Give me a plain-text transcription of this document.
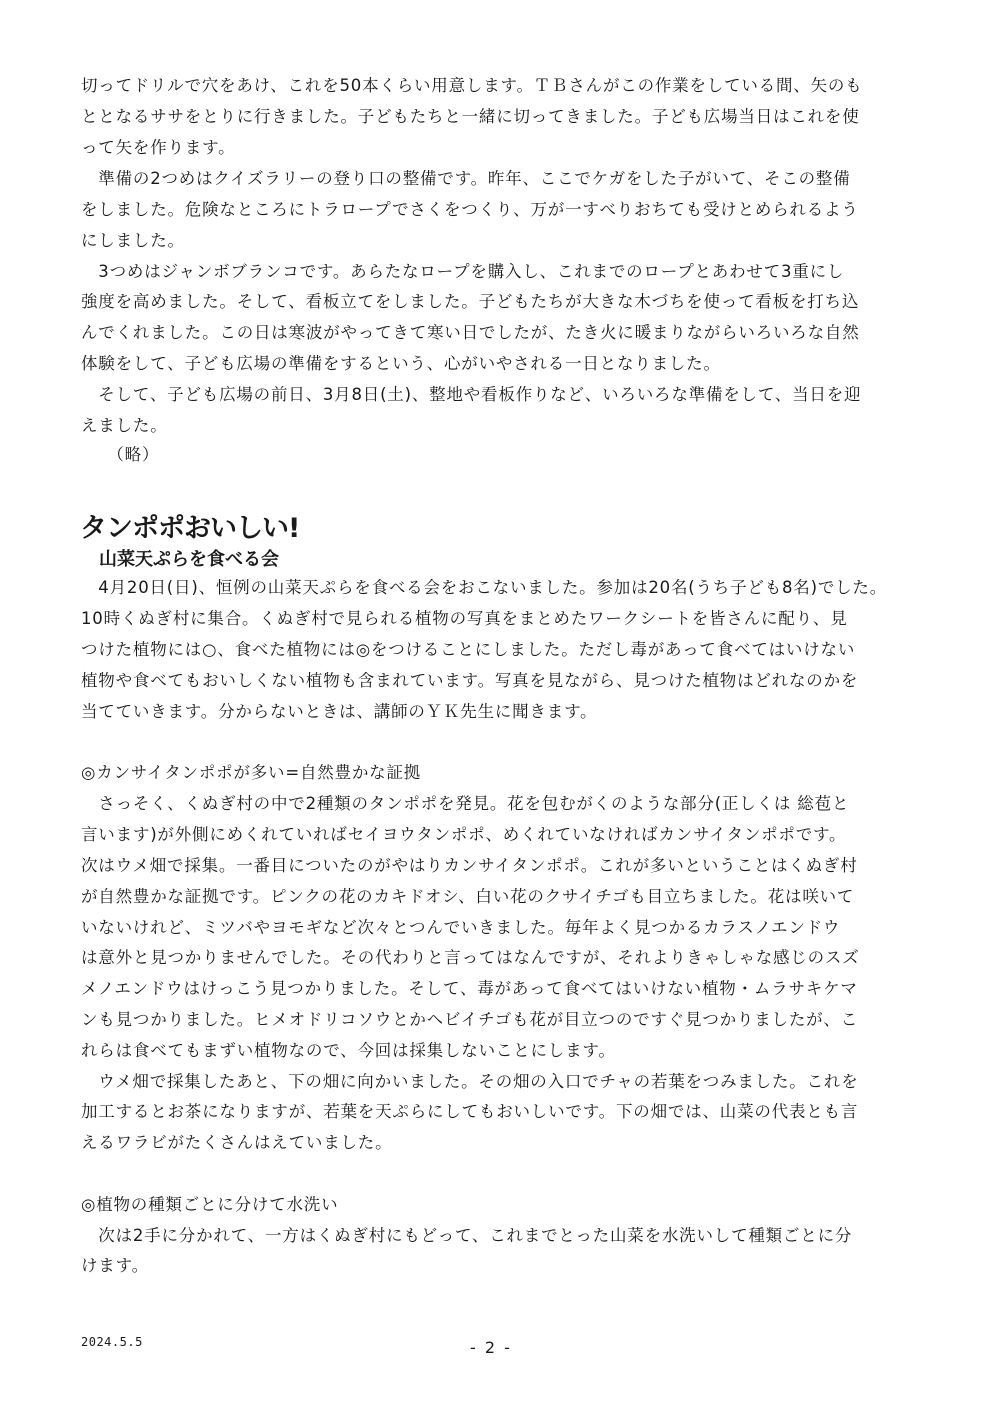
切ってドリルで穴をあけ、これを50本くらい用意します。ＴＢさんがこの作業をしている間、矢のも
ととなるササをとりに行きました。子どもたちと一緒に切ってきました。子ども広場当日はこれを使
って矢を作ります。
　準備の2つめはクイズラリーの登り口の整備です。昨年、ここでケガをした子がいて、そこの整備
をしました。危険なところにトラロープでさくをつくり、万が一すべりおちても受けとめられるよう
にしました。
　3つめはジャンボブランコです。あらたなロープを購入し、これまでのロープとあわせて3重にし
強度を高めました。そして、看板立てをしました。子どもたちが大きな木づちを使って看板を打ち込
んでくれました。この日は寒波がやってきて寒い日でしたが、たき火に暖まりながらいろいろな自然
体験をして、子ども広場の準備をするという、心がいやされる一日となりました。
　そして、子ども広場の前日、3月8日(土)、整地や看板作りなど、いろいろな準備をして、当日を迎
えました。
　　（略）
タンポポおいしい!
山菜天ぷらを食べる会
　4月20日(日)、恒例の山菜天ぷらを食べる会をおこないました。参加は20名(うち子ども8名)でした。
10時くぬぎ村に集合。くぬぎ村で見られる植物の写真をまとめたワークシートを皆さんに配り、見
つけた植物には○、食べた植物には◎をつけることにしました。ただし毒があって食べてはいけない
植物や食べてもおいしくない植物も含まれています。写真を見ながら、見つけた植物はどれなのかを
当てていきます。分からないときは、講師のＹＫ先生に聞きます。
◎カンサイタンポポが多い=自然豊かな証拠
　さっそく、くぬぎ村の中で2種類のタンポポを発見。花を包むがくのような部分(正しくは 総苞と
言います)が外側にめくれていればセイヨウタンポポ、めくれていなければカンサイタンポポです。
次はウメ畑で採集。一番目についたのがやはりカンサイタンポポ。これが多いということはくぬぎ村
が自然豊かな証拠です。ピンクの花のカキドオシ、白い花のクサイチゴも目立ちました。花は咲いて
いないけれど、ミツバやヨモギなど次々とつんでいきました。毎年よく見つかるカラスノエンドウ
は意外と見つかりませんでした。その代わりと言ってはなんですが、それよりきゃしゃな感じのスズ
メノエンドウはけっこう見つかりました。そして、毒があって食べてはいけない植物・ムラサキケマ
ンも見つかりました。ヒメオドリコソウとかヘビイチゴも花が目立つのですぐ見つかりましたが、こ
れらは食べてもまずい植物なので、今回は採集しないことにします。
　ウメ畑で採集したあと、下の畑に向かいました。その畑の入口でチャの若葉をつみました。これを
加工するとお茶になりますが、若葉を天ぷらにしてもおいしいです。下の畑では、山菜の代表とも言
えるワラビがたくさんはえていました。
◎植物の種類ごとに分けて水洗い
　次は2手に分かれて、一方はくぬぎ村にもどって、これまでとった山菜を水洗いして種類ごとに分
けます。
2024.5.5	- 2 -
